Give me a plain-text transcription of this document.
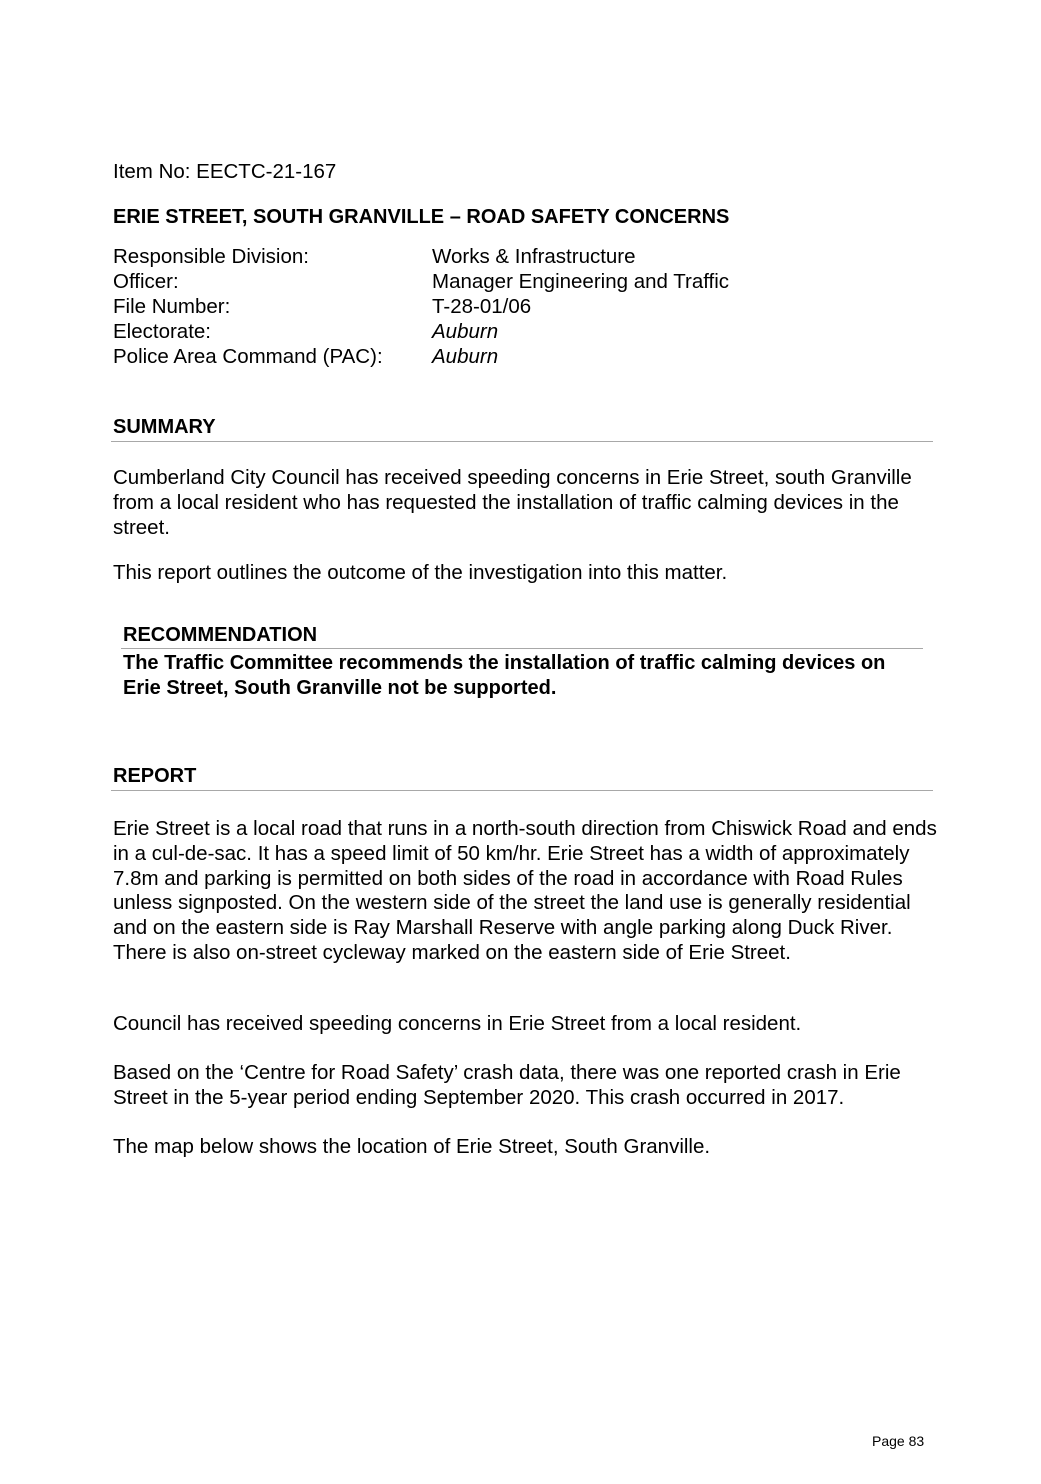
Item No: EECTC-21-167
ERIE STREET, SOUTH GRANVILLE – ROAD SAFETY CONCERNS
Responsible Division:	Works & Infrastructure
Officer:	Manager Engineering and Traffic
File Number:	T-28-01/06
Electorate:	Auburn
Police Area Command (PAC): Auburn
SUMMARY
Cumberland City Council has received speeding concerns in Erie Street, south Granville from a local resident who has requested the installation of traffic calming devices in the street.
This report outlines the outcome of the investigation into this matter.
RECOMMENDATION
The Traffic Committee recommends the installation of traffic calming devices on Erie Street, South Granville not be supported.
REPORT
Erie Street is a local road that runs in a north-south direction from Chiswick Road and ends in a cul-de-sac. It has a speed limit of 50 km/hr. Erie Street has a width of approximately 7.8m and parking is permitted on both sides of the road in accordance with Road Rules unless signposted. On the western side of the street the land use is generally residential and on the eastern side is Ray Marshall Reserve with angle parking along Duck River. There is also on-street cycleway marked on the eastern side of Erie Street.
Council has received speeding concerns in Erie Street from a local resident.
Based on the ‘Centre for Road Safety’ crash data, there was one reported crash in Erie Street in the 5-year period ending September 2020. This crash occurred in 2017.
The map below shows the location of Erie Street, South Granville.
Page 83
